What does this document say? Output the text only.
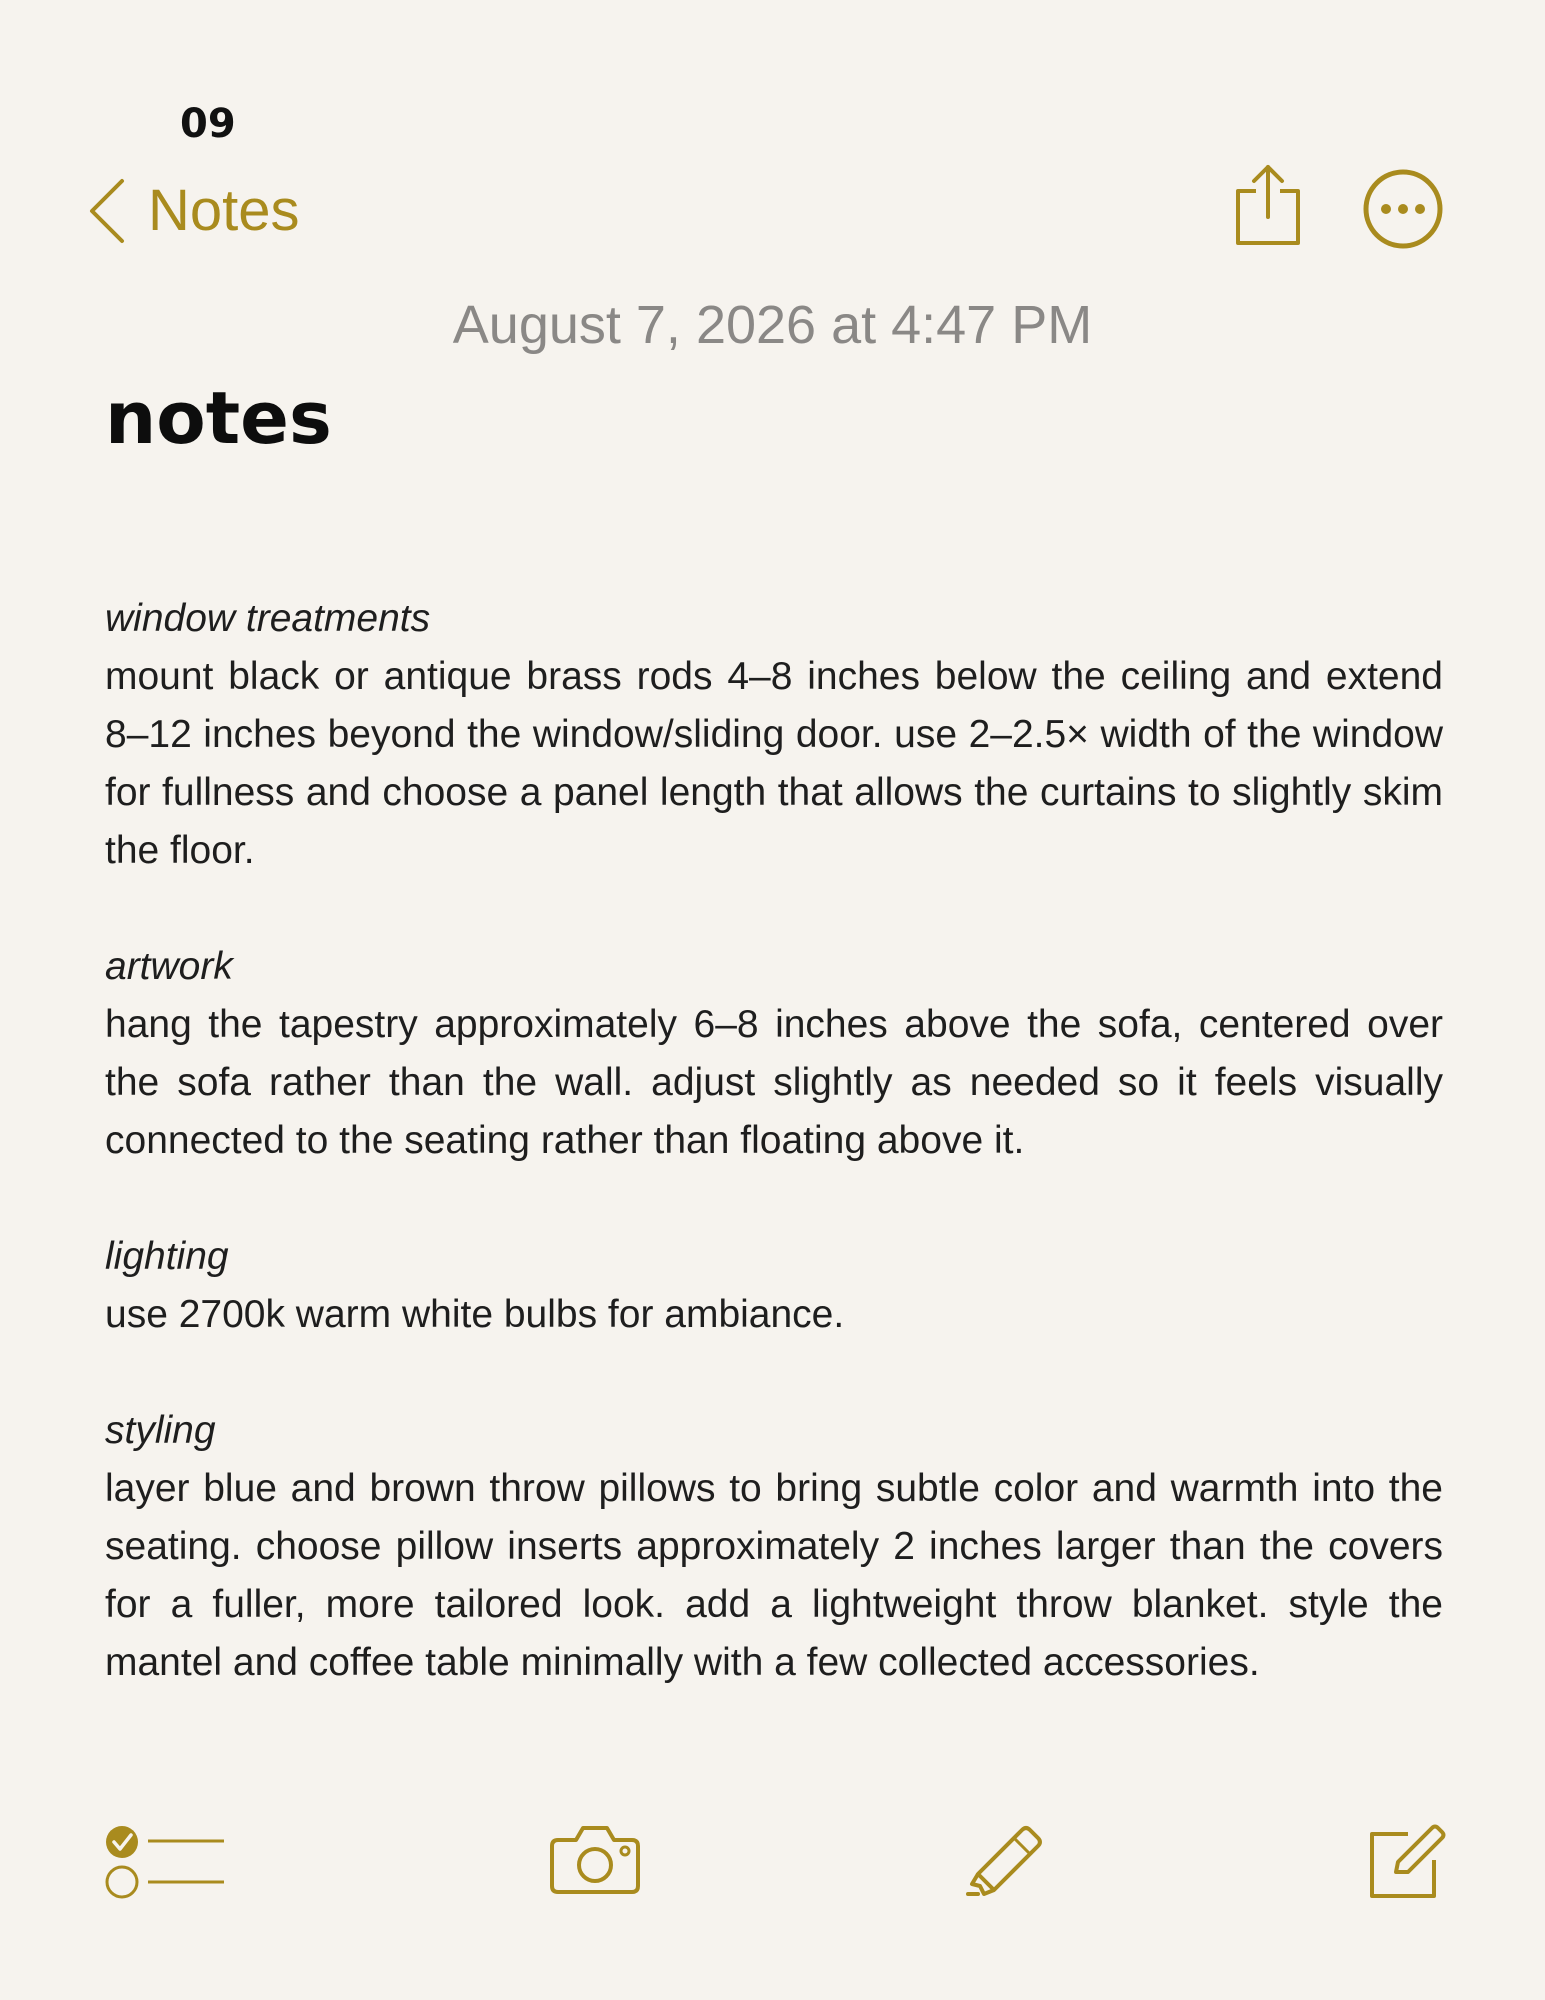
09
Notes
August 7, 2026 at 4:47 PM
notes
window treatments
mount black or antique brass rods 4–8 inches below the ceiling and extend 8–12 inches beyond the window/sliding door. use 2–2.5× width of the window for fullness and choose a panel length that allows the curtains to slightly skim the floor.
artwork
hang the tapestry approximately 6–8 inches above the sofa, centered over the sofa rather than the wall. adjust slightly as needed so it feels visually connected to the seating rather than floating above it.
lighting
use 2700k warm white bulbs for ambiance.
styling
layer blue and brown throw pillows to bring subtle color and warmth into the seating. choose pillow inserts approximately 2 inches larger than the covers for a fuller, more tailored look. add a lightweight throw blanket. style the mantel and coffee table minimally with a few collected accessories.
